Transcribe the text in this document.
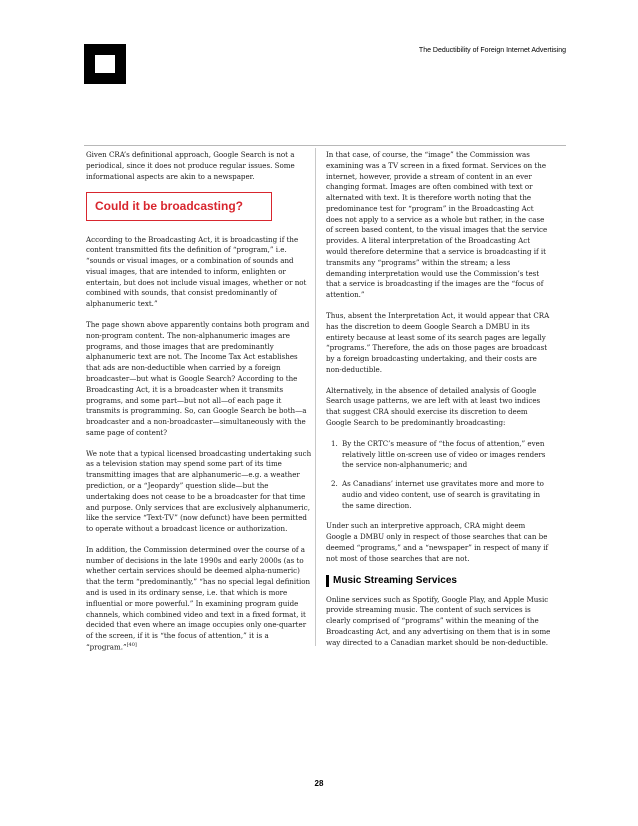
The Deductibility of Foreign Internet Advertising

Given CRA’s definitional approach, Google Search is not a periodical, since it does not produce regular issues. Some informational aspects are akin to a newspaper.

Could it be broadcasting?

According to the Broadcasting Act, it is broadcasting if the content transmitted fits the definition of “program,” i.e. “sounds or visual images, or a combination of sounds and visual images, that are intended to inform, enlighten or entertain, but does not include visual images, whether or not combined with sounds, that consist predominantly of alphanumeric text.”

The page shown above apparently contains both program and non-program content. The non-alphanumeric images are programs, and those images that are predominantly alphanumeric text are not. The Income Tax Act establishes that ads are non-deductible when carried by a foreign broadcaster—but what is Google Search? According to the Broadcasting Act, it is a broadcaster when it transmits programs, and some part—but not all—of each page it transmits is programming. So, can Google Search be both—a broadcaster and a non-broadcaster—simultaneously with the same page of content?

We note that a typical licensed broadcasting undertaking such as a television station may spend some part of its time transmitting images that are alphanumeric—e.g. a weather prediction, or a “Jeopardy” question slide—but the undertaking does not cease to be a broadcaster for that time and purpose. Only services that are exclusively alphanumeric, like the service “Text-TV” (now defunct) have been permitted to operate without a broadcast licence or authorization.

In addition, the Commission determined over the course of a number of decisions in the late 1990s and early 2000s (as to whether certain services should be deemed alpha-numeric) that the term “predominantly,” “has no special legal definition and is used in its ordinary sense, i.e. that which is more influential or more powerful.” In examining program guide channels, which combined video and text in a fixed format, it decided that even where an image occupies only one-quarter of the screen, if it is “the focus of attention,” it is a “program.”[40]

In that case, of course, the “image” the Commission was examining was a TV screen in a fixed format. Services on the internet, however, provide a stream of content in an ever changing format. Images are often combined with text or alternated with text. It is therefore worth noting that the predominance test for “program” in the Broadcasting Act does not apply to a service as a whole but rather, in the case of screen based content, to the visual images that the service provides. A literal interpretation of the Broadcasting Act would therefore determine that a service is broadcasting if it transmits any “programs” within the stream; a less demanding interpretation would use the Commission’s test that a service is broadcasting if the images are the “focus of attention.”

Thus, absent the Interpretation Act, it would appear that CRA has the discretion to deem Google Search a DMBU in its entirety because at least some of its search pages are legally “programs.” Therefore, the ads on those pages are broadcast by a foreign broadcasting undertaking, and their costs are non-deductible.

Alternatively, in the absence of detailed analysis of Google Search usage patterns, we are left with at least two indices that suggest CRA should exercise its discretion to deem Google Search to be predominantly broadcasting:

1. By the CRTC’s measure of “the focus of attention,” even relatively little on-screen use of video or images renders the service non-alphanumeric; and
2. As Canadians’ internet use gravitates more and more to audio and video content, use of search is gravitating in the same direction.

Under such an interpretive approach, CRA might deem Google a DMBU only in respect of those searches that can be deemed “programs,” and a “newspaper” in respect of many if not most of those searches that are not.

Music Streaming Services

Online services such as Spotify, Google Play, and Apple Music provide streaming music. The content of such services is clearly comprised of “programs” within the meaning of the Broadcasting Act, and any advertising on them that is in some way directed to a Canadian market should be non-deductible.

28
